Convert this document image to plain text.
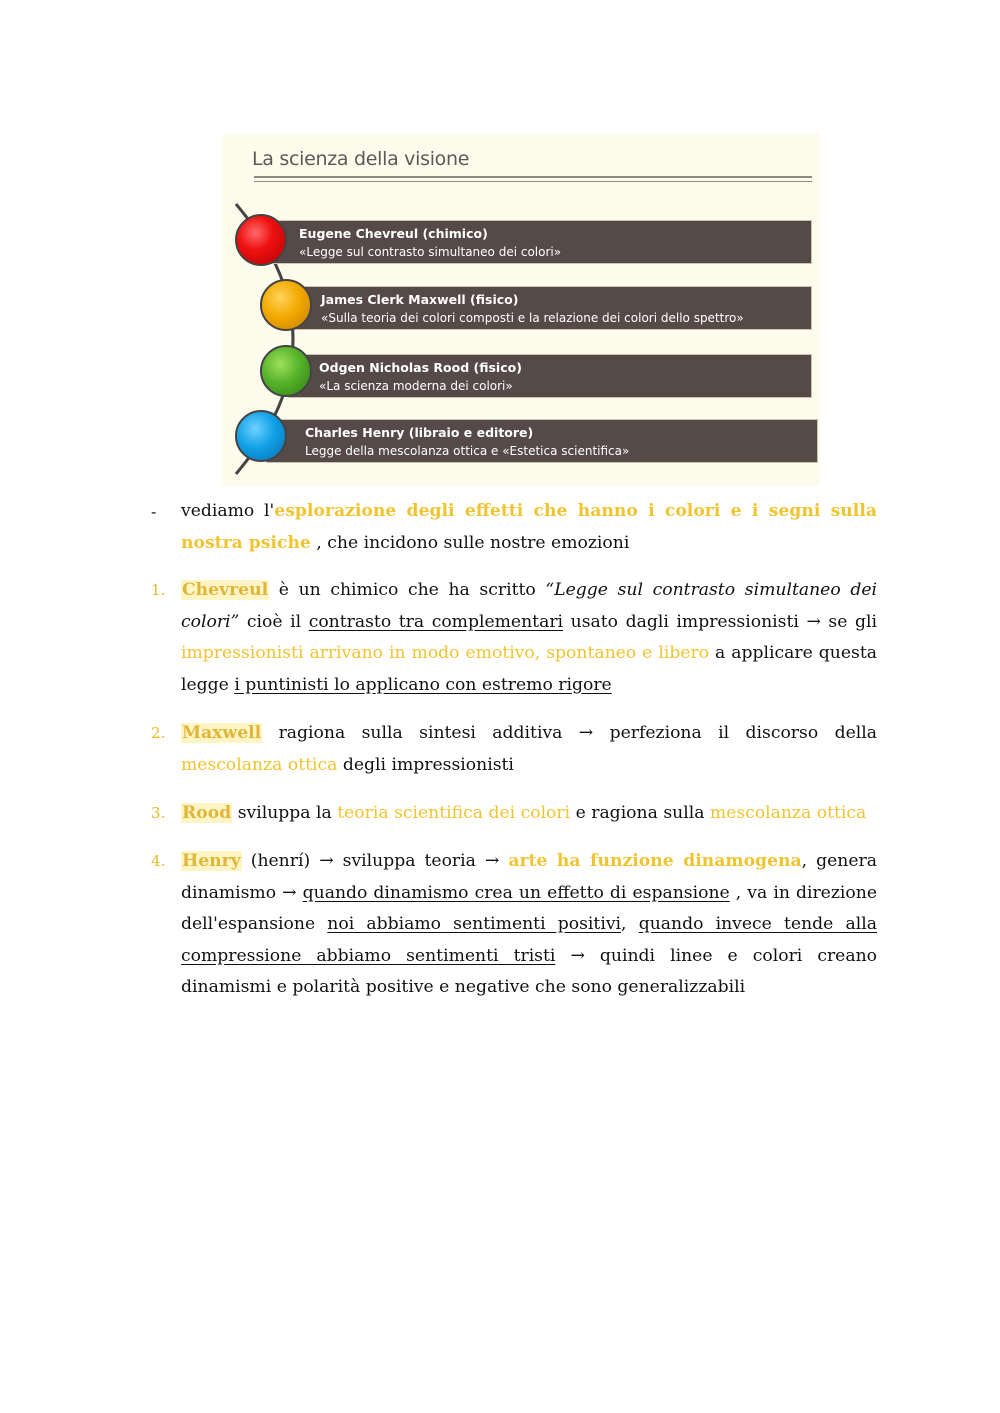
La scienza della visione
Eugene Chevreul (chimico)
«Legge sul contrasto simultaneo dei colori»
James Clerk Maxwell (fisico)
«Sulla teoria dei colori composti e la relazione dei colori dello spettro»
Odgen Nicholas Rood (fisico)
«La scienza moderna dei colori»
Charles Henry (libraio e editore)
Legge della mescolanza ottica e «Estetica scientifica»
- vediamo l'esplorazione degli effetti che hanno i colori e i segni sulla nostra psiche , che incidono sulle nostre emozioni
1. Chevreul è un chimico che ha scritto “Legge sul contrasto simultaneo dei colori” cioè il contrasto tra complementari usato dagli impressionisti → se gli impressionisti arrivano in modo emotivo, spontaneo e libero a applicare questa legge i puntinisti lo applicano con estremo rigore
2. Maxwell ragiona sulla sintesi additiva → perfeziona il discorso della mescolanza ottica degli impressionisti
3. Rood sviluppa la teoria scientifica dei colori e ragiona sulla mescolanza ottica
4. Henry (henrí) → sviluppa teoria → arte ha funzione dinamogena, genera dinamismo → quando dinamismo crea un effetto di espansione , va in direzione dell'espansione noi abbiamo sentimenti positivi, quando invece tende alla compressione abbiamo sentimenti tristi → quindi linee e colori creano dinamismi e polarità positive e negative che sono generalizzabili
